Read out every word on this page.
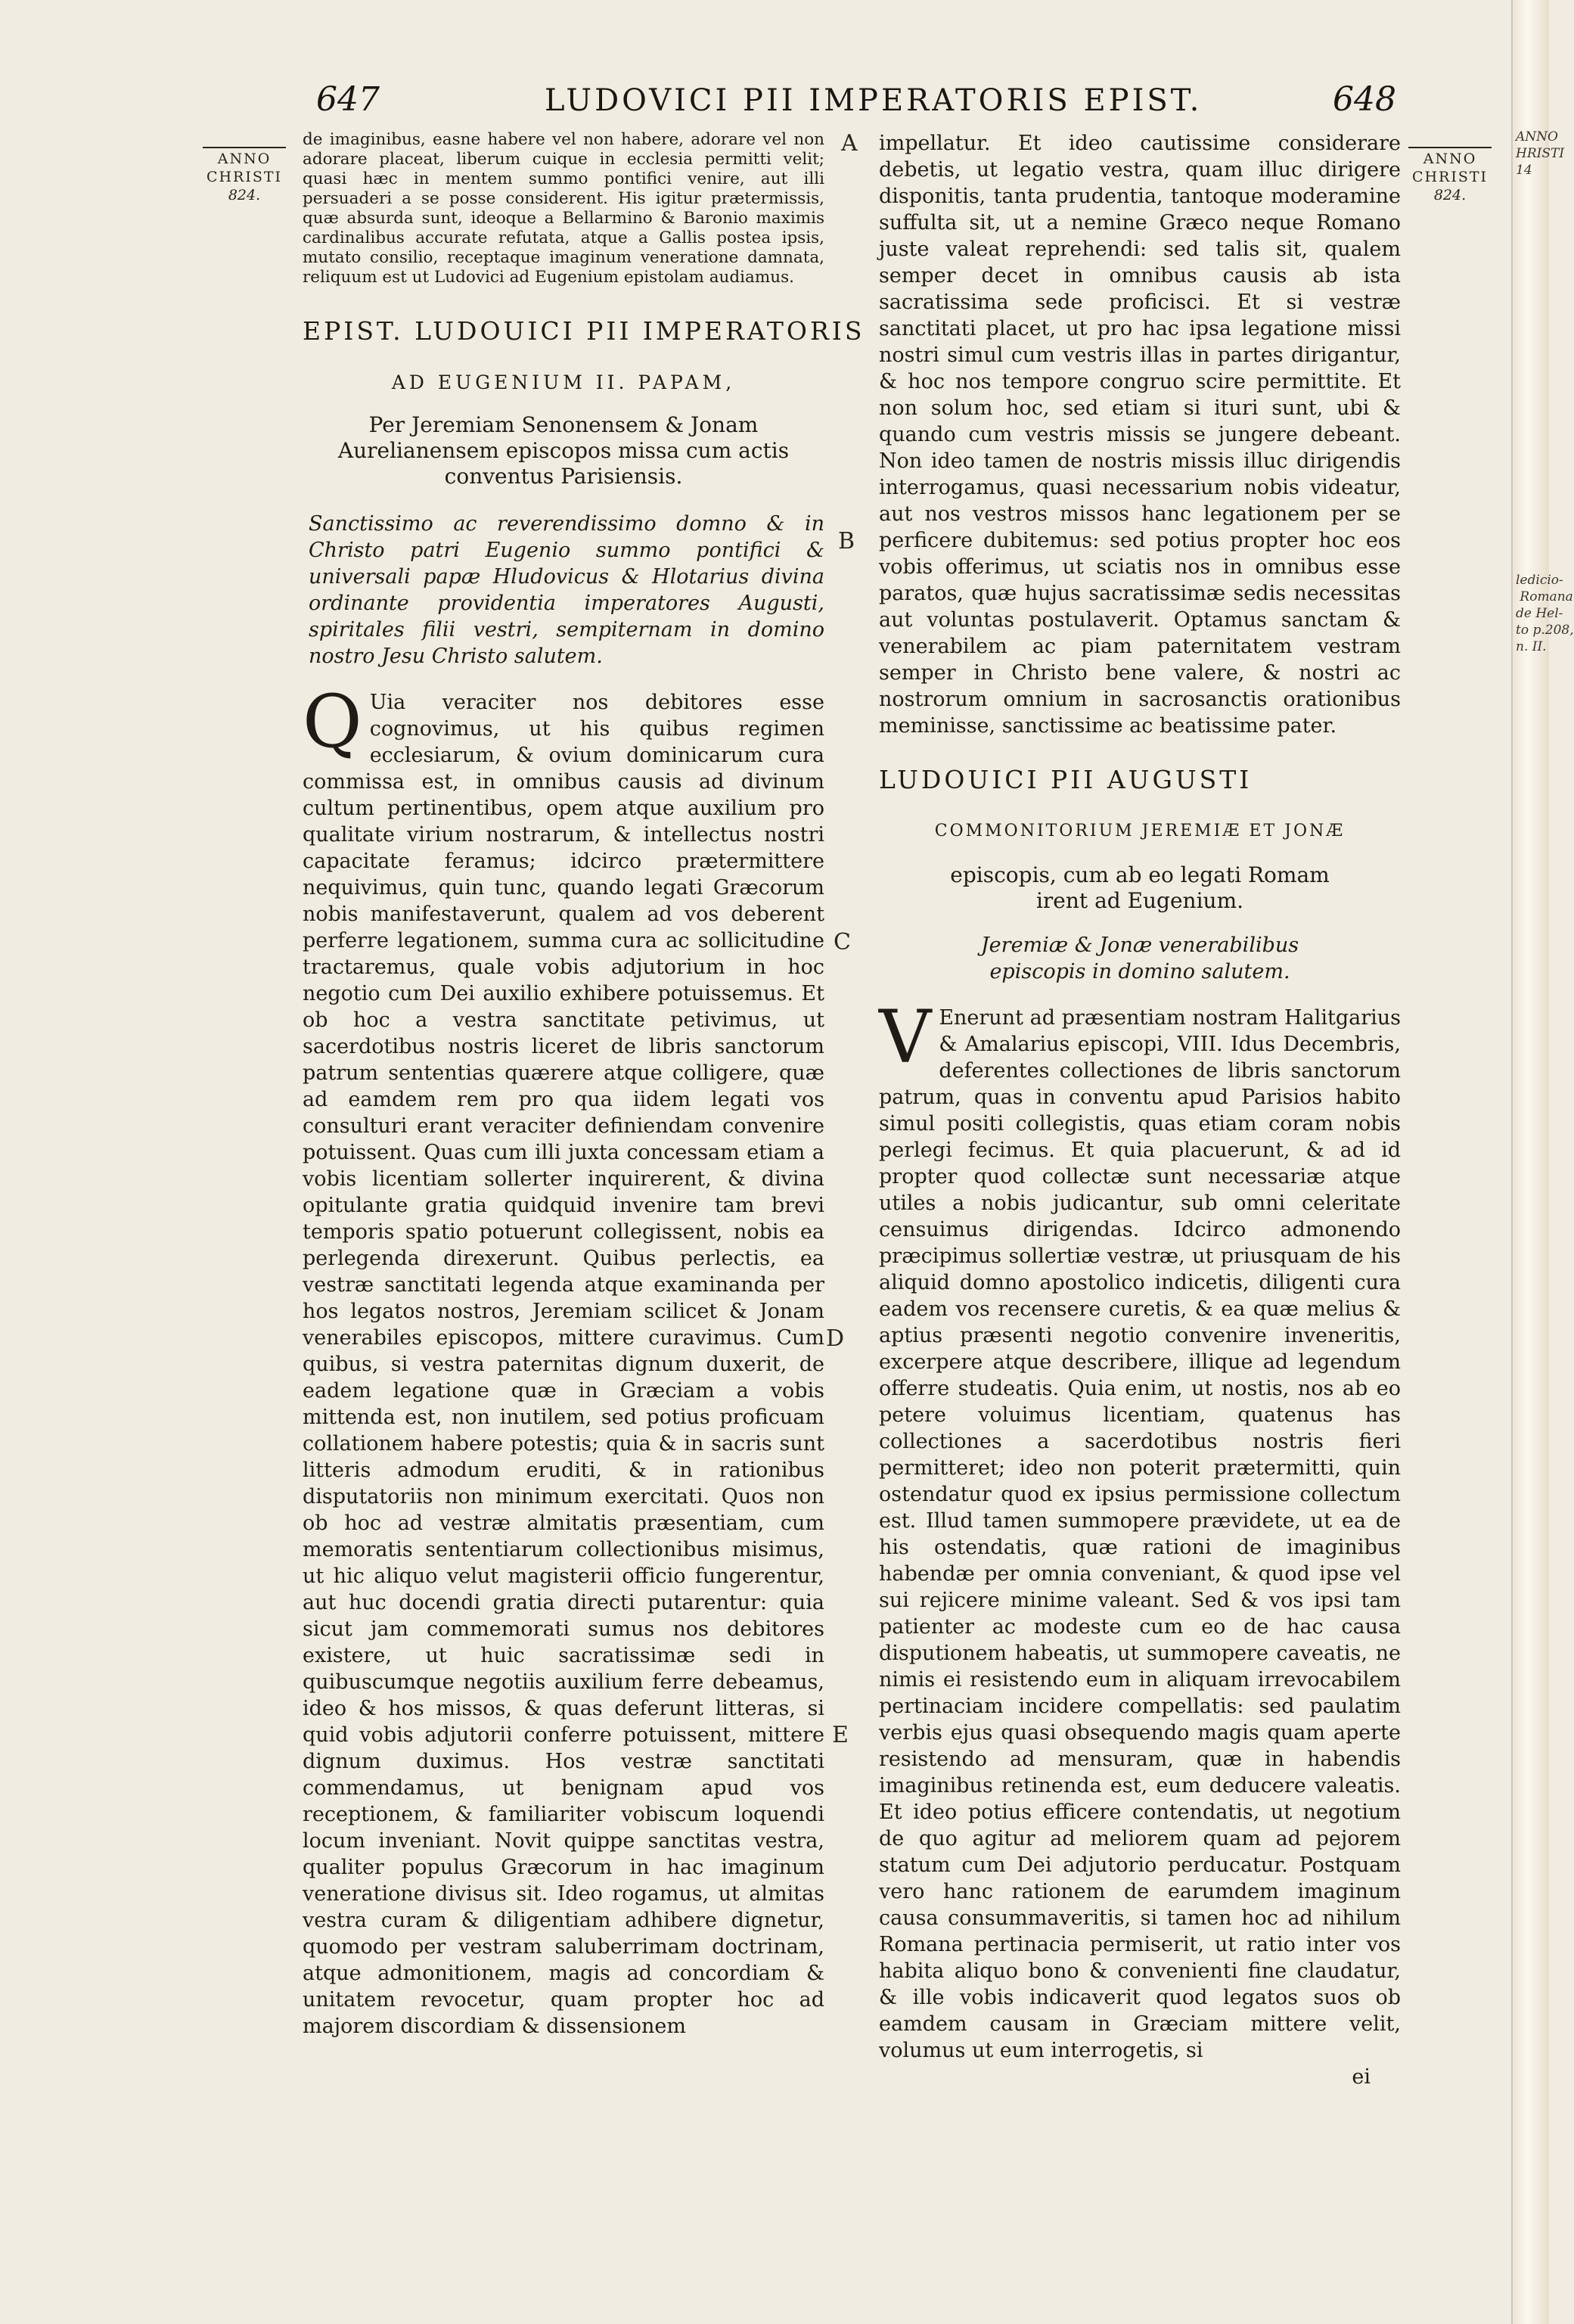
ANNO
HRISTI
14
ledicio-
Romana
de Hel-
to p.208,
n. II.
647	LUDOVICI PII IMPERATORIS EPIST.	648
ANNO
CHRISTI
824.
ANNO
CHRISTI
824.
A
B
C
D
E

de imaginibus, easne habere vel non habere, adorare vel non adorare placeat, liberum cuique in ecclesia permitti velit; quasi hæc in mentem summo pontifici venire, aut illi persuaderi a se posse considerent. His igitur prætermissis, quæ absurda sunt, ideoque a Bellarmino & Baronio maximis cardinalibus accurate refutata, atque a Gallis postea ipsis, mutato consilio, receptaque imaginum veneratione damnata, reliquum est ut Ludovici ad Eugenium epistolam audiamus.

EPIST. LUDOUICI PII IMPERATORIS

AD EUGENIUM II. PAPAM,

Per Jeremiam Senonensem & Jonam Aurelianensem episcopos missa cum actis conventus Parisiensis.

Sanctissimo ac reverendissimo domno & in Christo patri Eugenio summo pontifici & universali papæ Hludovicus & Hlotarius divina ordinante providentia imperatores Augusti, spiritales filii vestri, sempiternam in domino nostro Jesu Christo salutem.

Q Uia veraciter nos debitores esse cognovimus, ut his quibus regimen ecclesiarum, & ovium dominicarum cura commissa est, in omnibus causis ad divinum cultum pertinentibus, opem atque auxilium pro qualitate virium nostrarum, & intellectus nostri capacitate feramus; idcirco prætermittere nequivimus, quin tunc, quando legati Græcorum nobis manifestaverunt, qualem ad vos deberent perferre legationem, summa cura ac sollicitudine tractaremus, quale vobis adjutorium in hoc negotio cum Dei auxilio exhibere potuissemus. Et ob hoc a vestra sanctitate petivimus, ut sacerdotibus nostris liceret de libris sanctorum patrum sententias quærere atque colligere, quæ ad eamdem rem pro qua iidem legati vos consulturi erant veraciter definiendam convenire potuissent. Quas cum illi juxta concessam etiam a vobis licentiam sollerter inquirerent, & divina opitulante gratia quidquid invenire tam brevi temporis spatio potuerunt collegissent, nobis ea perlegenda direxerunt. Quibus perlectis, ea vestræ sanctitati legenda atque examinanda per hos legatos nostros, Jeremiam scilicet & Jonam venerabiles episcopos, mittere curavimus. Cum quibus, si vestra paternitas dignum duxerit, de eadem legatione quæ in Græciam a vobis mittenda est, non inutilem, sed potius proficuam collationem habere potestis; quia & in sacris sunt litteris admodum eruditi, & in rationibus disputatoriis non minimum exercitati. Quos non ob hoc ad vestræ almitatis præsentiam, cum memoratis sententiarum collectionibus misimus, ut hic aliquo velut magisterii officio fungerentur, aut huc docendi gratia directi putarentur: quia sicut jam commemorati sumus nos debitores existere, ut huic sacratissimæ sedi in quibuscumque negotiis auxilium ferre debeamus, ideo & hos missos, & quas deferunt litteras, si quid vobis adjutorii conferre potuissent, mittere dignum duximus. Hos vestræ sanctitati commendamus, ut benignam apud vos receptionem, & familiariter vobiscum loquendi locum inveniant. Novit quippe sanctitas vestra, qualiter populus Græcorum in hac imaginum veneratione divisus sit. Ideo rogamus, ut almitas vestra curam & diligentiam adhibere dignetur, quomodo per vestram saluberrimam doctrinam, atque admonitionem, magis ad concordiam & unitatem revocetur, quam propter hoc ad majorem discordiam & dissensionem

impellatur. Et ideo cautissime considerare debetis, ut legatio vestra, quam illuc dirigere disponitis, tanta prudentia, tantoque moderamine suffulta sit, ut a nemine Græco neque Romano juste valeat reprehendi: sed talis sit, qualem semper decet in omnibus causis ab ista sacratissima sede proficisci. Et si vestræ sanctitati placet, ut pro hac ipsa legatione missi nostri simul cum vestris illas in partes dirigantur, & hoc nos tempore congruo scire permittite. Et non solum hoc, sed etiam si ituri sunt, ubi & quando cum vestris missis se jungere debeant. Non ideo tamen de nostris missis illuc dirigendis interrogamus, quasi necessarium nobis videatur, aut nos vestros missos hanc legationem per se perficere dubitemus: sed potius propter hoc eos vobis offerimus, ut sciatis nos in omnibus esse paratos, quæ hujus sacratissimæ sedis necessitas aut voluntas postulaverit. Optamus sanctam & venerabilem ac piam paternitatem vestram semper in Christo bene valere, & nostri ac nostrorum omnium in sacrosanctis orationibus meminisse, sanctissime ac beatissime pater.

LUDOUICI PII AUGUSTI

COMMONITORIUM JEREMIÆ ET JONÆ

episcopis, cum ab eo legati Romam irent ad Eugenium.

Jeremiæ & Jonæ venerabilibus episcopis in domino salutem.

V Enerunt ad præsentiam nostram Halitgarius & Amalarius episcopi, VIII. Idus Decembris, deferentes collectiones de libris sanctorum patrum, quas in conventu apud Parisios habito simul positi collegistis, quas etiam coram nobis perlegi fecimus. Et quia placuerunt, & ad id propter quod collectæ sunt necessariæ atque utiles a nobis judicantur, sub omni celeritate censuimus dirigendas. Idcirco admonendo præcipimus sollertiæ vestræ, ut priusquam de his aliquid domno apostolico indicetis, diligenti cura eadem vos recensere curetis, & ea quæ melius & aptius præsenti negotio convenire inveneritis, excerpere atque describere, illique ad legendum offerre studeatis. Quia enim, ut nostis, nos ab eo petere voluimus licentiam, quatenus has collectiones a sacerdotibus nostris fieri permitteret; ideo non poterit prætermitti, quin ostendatur quod ex ipsius permissione collectum est. Illud tamen summopere prævidete, ut ea de his ostendatis, quæ rationi de imaginibus habendæ per omnia conveniant, & quod ipse vel sui rejicere minime valeant. Sed & vos ipsi tam patienter ac modeste cum eo de hac causa disputionem habeatis, ut summopere caveatis, ne nimis ei resistendo eum in aliquam irrevocabilem pertinaciam incidere compellatis: sed paulatim verbis ejus quasi obsequendo magis quam aperte resistendo ad mensuram, quæ in habendis imaginibus retinenda est, eum deducere valeatis. Et ideo potius efficere contendatis, ut negotium de quo agitur ad meliorem quam ad pejorem statum cum Dei adjutorio perducatur. Postquam vero hanc rationem de earumdem imaginum causa consummaveritis, si tamen hoc ad nihilum Romana pertinacia permiserit, ut ratio inter vos habita aliquo bono & convenienti fine claudatur, & ille vobis indicaverit quod legatos suos ob eamdem causam in Græciam mittere velit, volumus ut eum interrogetis, si

ei
